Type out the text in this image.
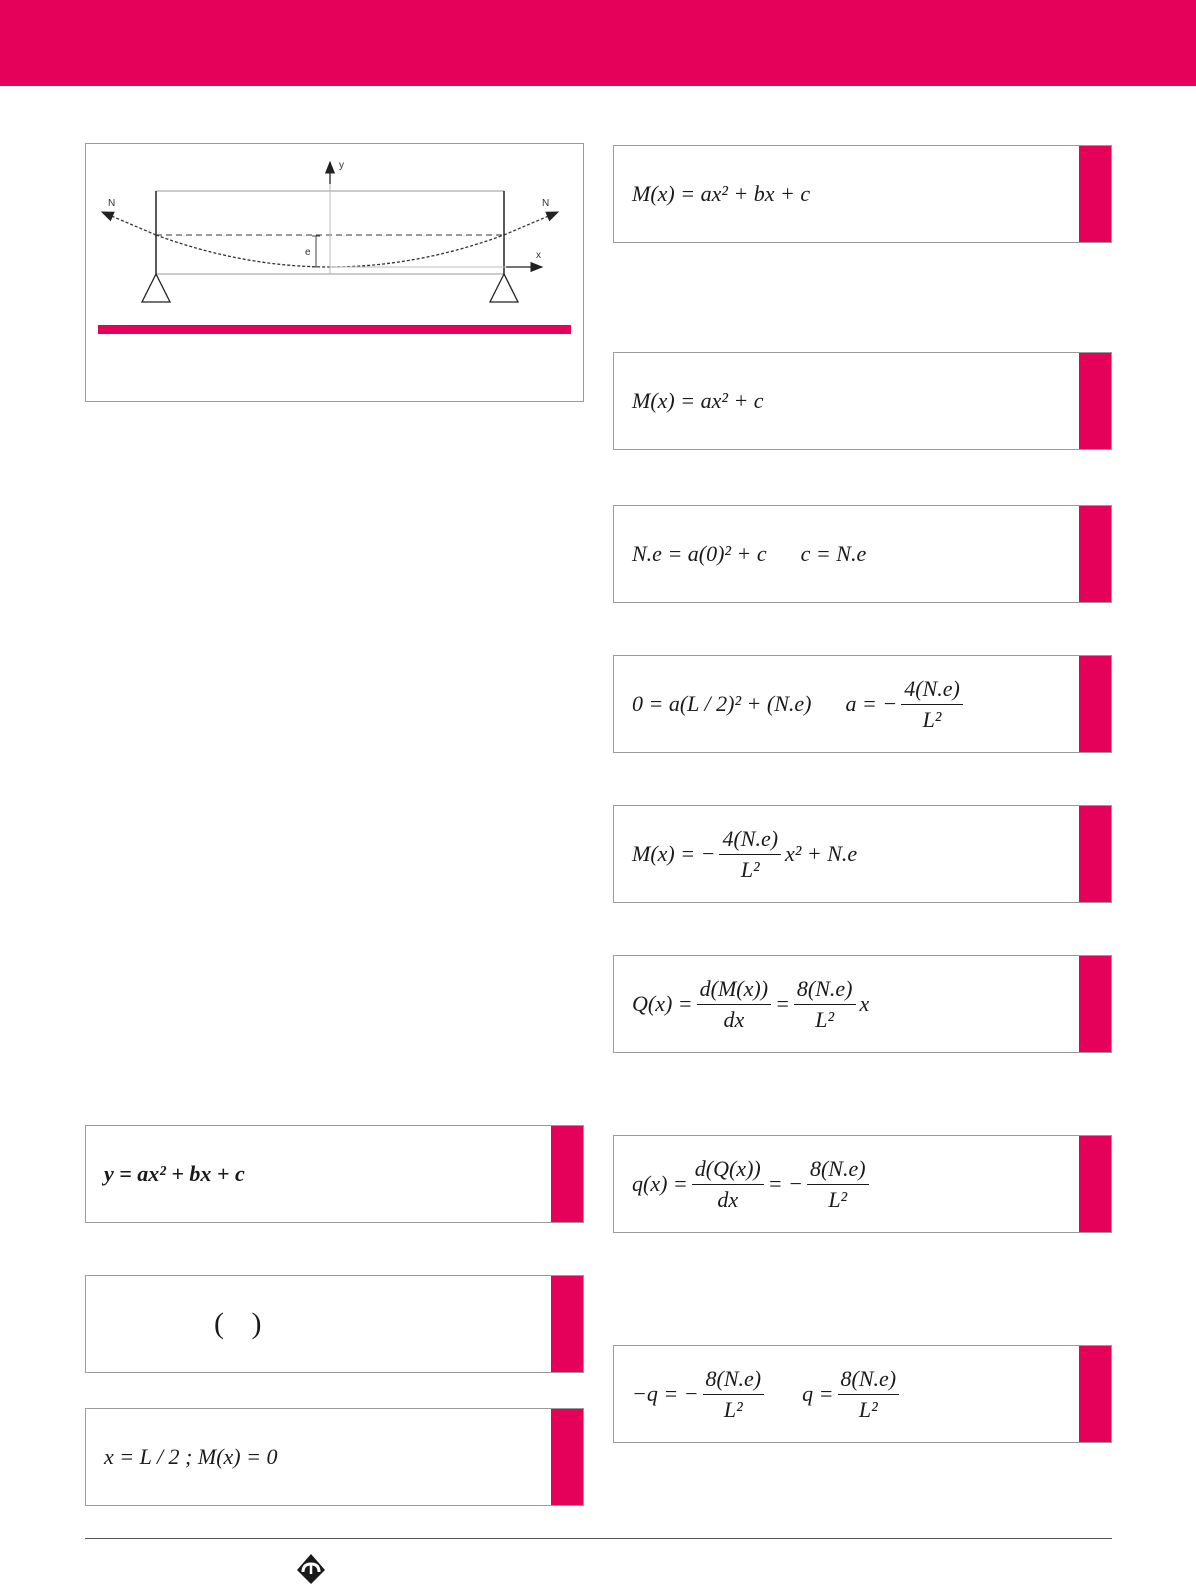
N	N
y
x
e
y = ax² + bx + c
( )
x = L / 2 ; M(x) = 0
M(x) = ax² + bx + c
M(x) = ax² + c
N.e = a(0)² + c c = N.e
0 = a(L / 2)² + (N.e) a = − $\frac{4(N.e)}{\text{L²}}$
M(x) = − $\frac{4(N.e)}{\text{L²}} x^2 + N.e$
$Q(x) = \frac{d(M(x))}{dx} = \frac{8(N.e)}{\text{L²}}$ x
$q(x) = \frac{d(Q(x))}{dx}$ = − $\frac{8(N.e)}{\text{L²}}$
−q = − $\frac{8(N.e)}{\text{L²}}$ $q = \frac{8(N.e)}{\text{L²}}$
